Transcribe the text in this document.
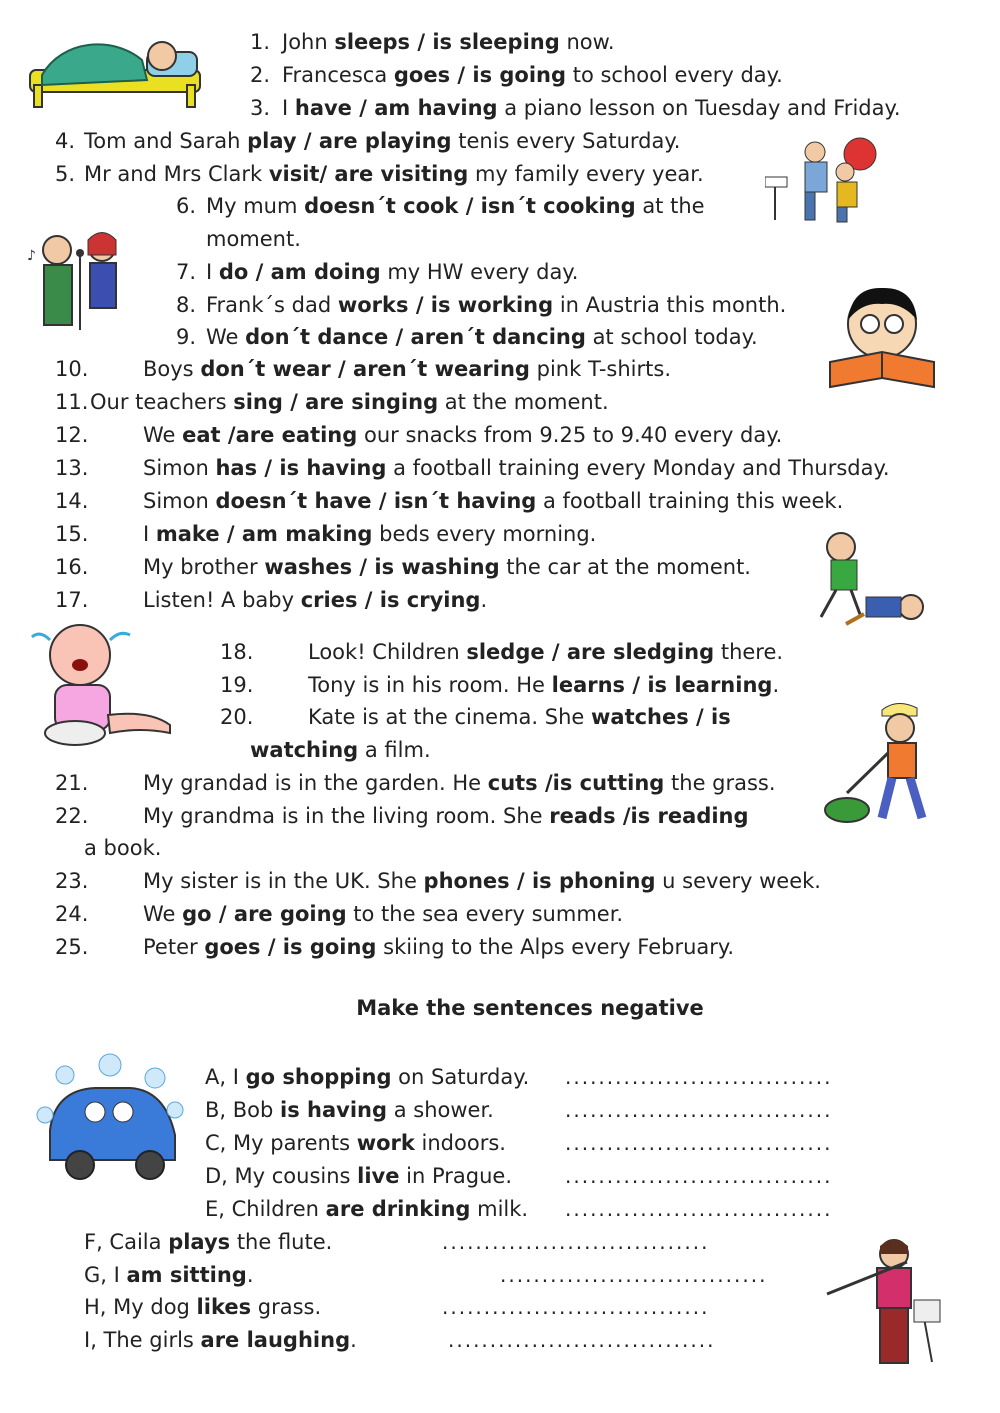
♪
1. John sleeps / is sleeping now.
2. Francesca goes / is going to school every day.
3. I have / am having a piano lesson on Tuesday and Friday.
4. Tom and Sarah play / are playing tenis every Saturday.
5. Mr and Mrs Clark visit/ are visiting my family every year.
6. My mum doesn´t cook / isn´t cooking at the
moment.
7. I do / am doing my HW every day.
8. Frank´s dad works / is working in Austria this month.
9. We don´t dance / aren´t dancing at school today.
10.	Boys don´t wear / aren´t wearing pink T-shirts.
11. Our teachers sing / are singing at the moment.
12.	We eat /are eating our snacks from 9.25 to 9.40 every day.
13.	Simon has / is having a football training every Monday and Thursday.
14.	Simon doesn´t have / isn´t having a football training this week.
15.	I make / am making beds every morning.
16.	My brother washes / is washing the car at the moment.
17.	Listen! A baby cries / is crying.
18.	Look! Children sledge / are sledging there.
19.	Tony is in his room. He learns / is learning.
20.	Kate is at the cinema. She watches / is
watching a film.
21.	My grandad is in the garden. He cuts /is cutting the grass.
22.	My grandma is in the living room. She reads /is reading
a book.
23.	My sister is in the UK. She phones / is phoning u severy week.
24.	We go / are going to the sea every summer.
25.	Peter goes / is going skiing to the Alps every February.
Make the sentences negative
A, I go shopping on Saturday. ................................
B, Bob is having a shower.	................................
C, My parents work indoors.	................................
D, My cousins live in Prague.	................................
E, Children are drinking milk. ................................
F, Caila plays the flute.	................................
G, I am sitting.	................................
H, My dog likes grass.	................................
I, The girls are laughing.	................................
